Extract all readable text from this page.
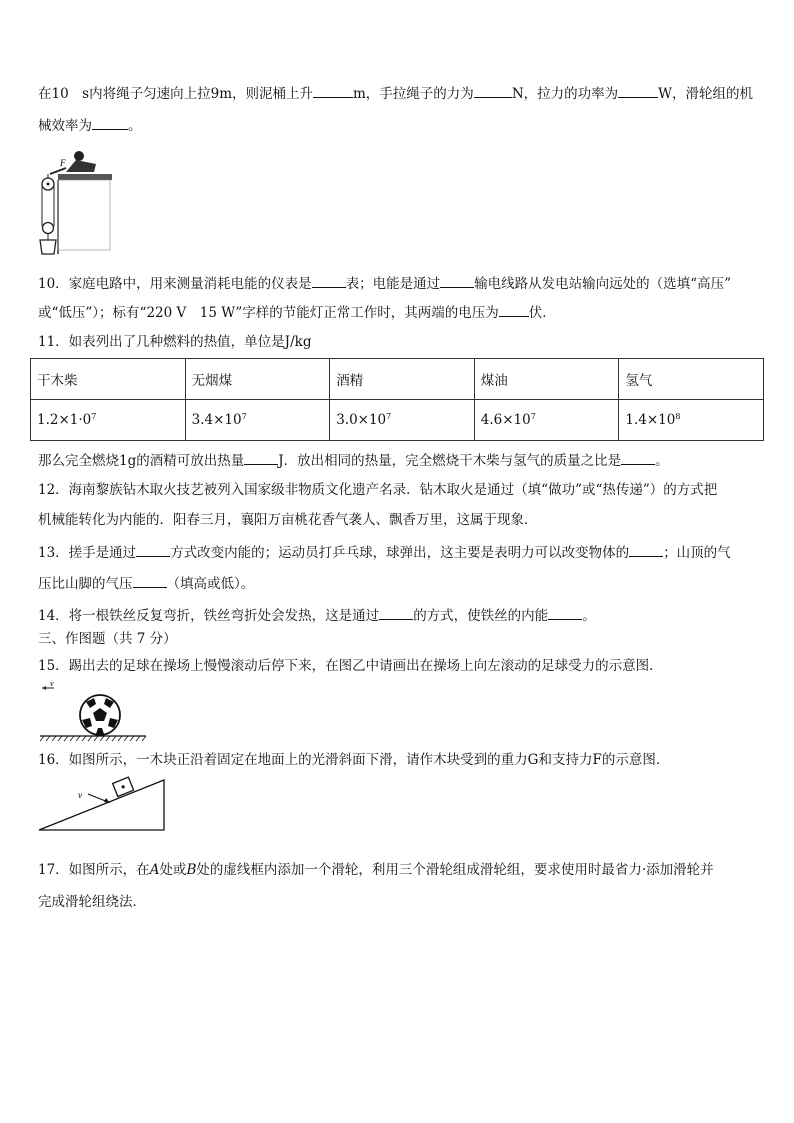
在10　s内将绳子匀速向上拉9m，则泥桶上升	m，手拉绳子的力为	N，拉力的功率为	W，滑轮组的机
械效率为	。
F
10．家庭电路中，用来测量消耗电能的仪表是	表；电能是通过	输电线路从发电站输向远处的（选填“高压”
或“低压”）；标有“220 V　15 W”字样的节能灯正常工作时，其两端的电压为 伏．
11．如表列出了几种燃料的热值，单位是J/kg
干木柴	无烟煤	酒精	煤油	氢气
$1.2\times 1\cdot 0^7$	$3.4\times 10^7$	$3.0\times 10^7$	$4.6\times 10^7$	$1.4\times 10^8$
那么完全燃烧1g的酒精可放出热量	J．放出相同的热量，完全燃烧干木柴与氢气的质量之比是	。
12．海南黎族钻木取火技艺被列入国家级非物质文化遗产名录．钻木取火是通过（填“做功”或“热传递”）的方式把
机械能转化为内能的．阳春三月，襄阳万亩桃花香气袭人、飘香万里，这属于现象．
13．搓手是通过	方式改变内能的；运动员打乒乓球，球弹出，这主要是表明力可以改变物体的	；山顶的气
压比山脚的气压	（填高或低）。
14．将一根铁丝反复弯折，铁丝弯折处会发热，这是通过	的方式，使铁丝的内能	。
三、作图题（共 7 分）
15．踢出去的足球在操场上慢慢滚动后停下来，在图乙中请画出在操场上向左滚动的足球受力的示意图．
v
16．如图所示，一木块正沿着固定在地面上的光滑斜面下滑，请作木块受到的重力G和支持力F的示意图．
v
17．如图所示，在A处或B处的虚线框内添加一个滑轮，利用三个滑轮组成滑轮组，要求使用时最省力·添加滑轮并
完成滑轮组绕法．
